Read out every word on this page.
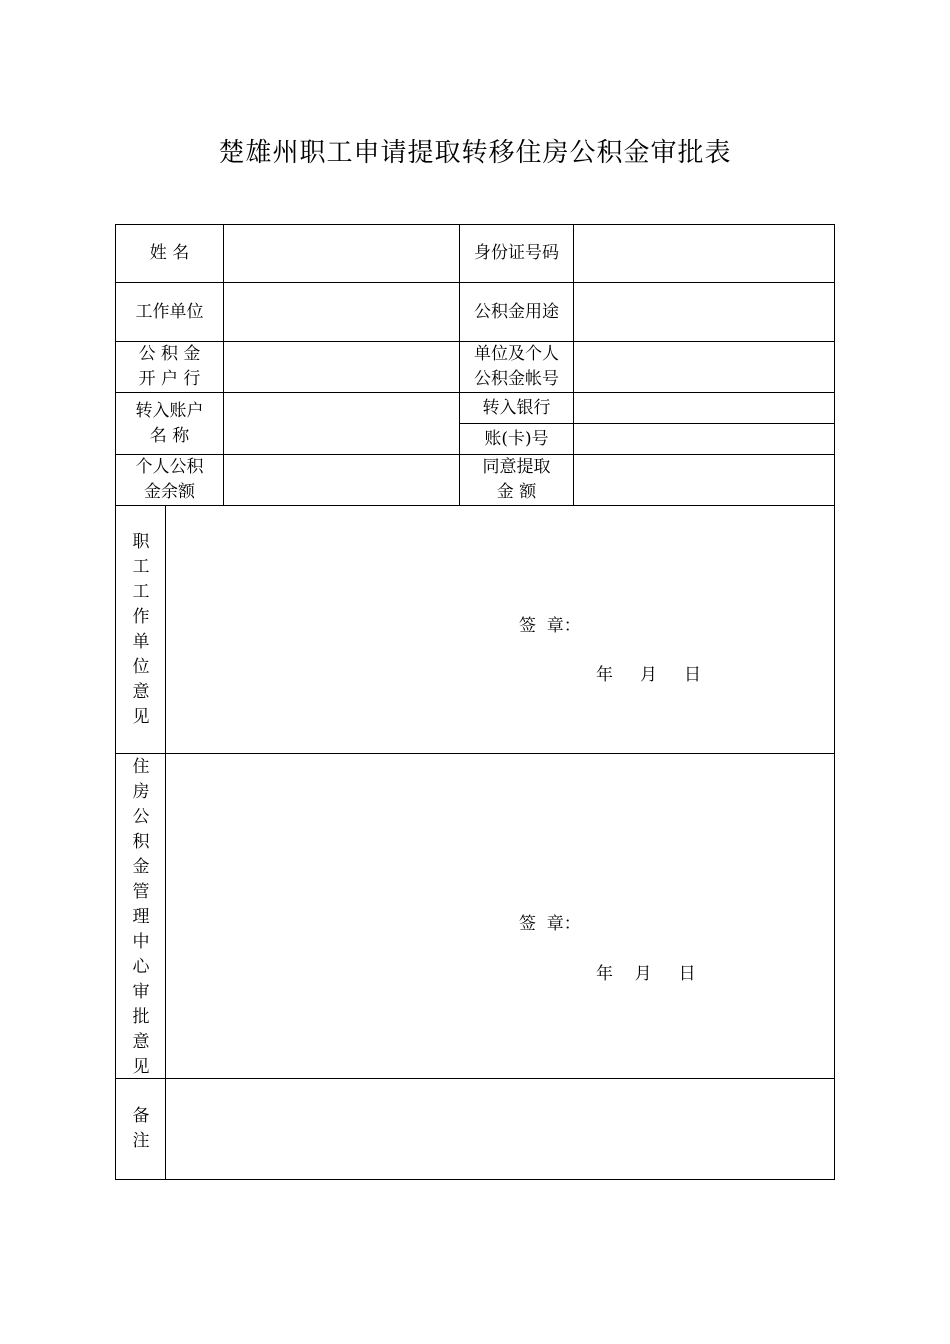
楚雄州职工申请提取转移住房公积金审批表
姓 名	身份证号码
工作单位	公积金用途
公 积 金
开 户 行
单位及个人
公积金帐号
转入账户
名 称
转入银行
账(卡)号
个人公积
金余额
同意提取
金 额
职工工作单位意见
签  章：
年     月     日
住房公积金管理中心审批意见
签  章：
年    月     日
备注
